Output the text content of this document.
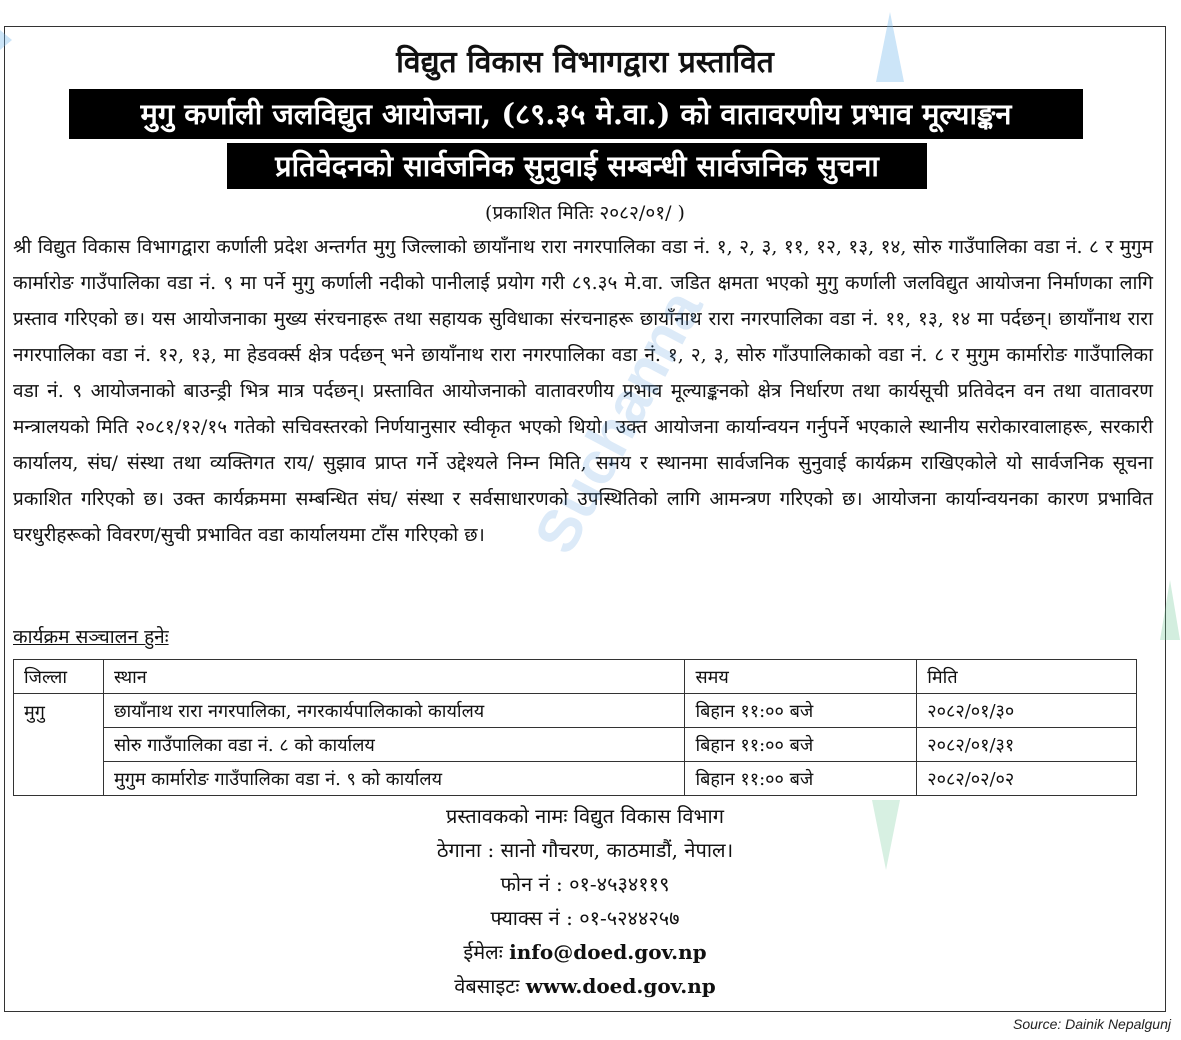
विद्युत विकास विभागद्वारा प्रस्तावित
मुगु कर्णाली जलविद्युत आयोजना, (८९.३५ मे.वा.) को वातावरणीय प्रभाव मूल्याङ्कन
प्रतिवेदनको सार्वजनिक सुनुवाई सम्बन्धी सार्वजनिक सुचना
(प्रकाशित मितिः २०८२/०१/ )

श्री विद्युत विकास विभागद्वारा कर्णाली प्रदेश अन्तर्गत मुगु जिल्लाको छायाँनाथ रारा नगरपालिका वडा नं. १, २, ३, ११, १२, १३, १४, सोरु गाउँपालिका वडा नं. ८ र मुगुम कार्मारोङ गाउँपालिका वडा नं. ९ मा पर्ने मुगु कर्णाली नदीको पानीलाई प्रयोग गरी ८९.३५ मे.वा. जडित क्षमता भएको मुगु कर्णाली जलविद्युत आयोजना निर्माणका लागि प्रस्ताव गरिएको छ। यस आयोजनाका मुख्य संरचनाहरू तथा सहायक सुविधाका संरचनाहरू छायाँनाथ रारा नगरपालिका वडा नं. ११, १३, १४ मा पर्दछन्। छायाँनाथ रारा नगरपालिका वडा नं. १२, १३, मा हेडवर्क्स क्षेत्र पर्दछन् भने छायाँनाथ रारा नगरपालिका वडा नं. १, २, ३, सोरु गाँउपालिकाको वडा नं. ८ र मुगुम कार्मारोङ गाउँपालिका वडा नं. ९ आयोजनाको बाउन्ड्री भित्र मात्र पर्दछन्। प्रस्तावित आयोजनाको वातावरणीय प्रभाव मूल्याङ्कनको क्षेत्र निर्धारण तथा कार्यसूची प्रतिवेदन वन तथा वातावरण मन्त्रालयको मिति २०८१/१२/१५ गतेको सचिवस्तरको निर्णयानुसार स्वीकृत भएको थियो। उक्त आयोजना कार्यान्वयन गर्नुपर्ने भएकाले स्थानीय सरोकारवालाहरू, सरकारी कार्यालय, संघ/ संस्था तथा व्यक्तिगत राय/ सुझाव प्राप्त गर्ने उद्देश्यले निम्न मिति, समय र स्थानमा सार्वजनिक सुनुवाई कार्यक्रम राखिएकोले यो सार्वजनिक सूचना प्रकाशित गरिएको छ। उक्त कार्यक्रममा सम्बन्धित संघ/ संस्था र सर्वसाधारणको उपस्थितिको लागि आमन्त्रण गरिएको छ। आयोजना कार्यान्वयनका कारण प्रभावित घरधुरीहरूको विवरण/सुची प्रभावित वडा कार्यालयमा टाँस गरिएको छ।

कार्यक्रम सञ्चालन हुनेः
जिल्ला	स्थान	समय	मिति
मुगु	छायाँनाथ रारा नगरपालिका, नगरकार्यपालिकाको कार्यालय	बिहान ११:०० बजे	२०८२/०१/३०
	सोरु गाउँपालिका वडा नं. ८ को कार्यालय	बिहान ११:०० बजे	२०८२/०१/३१
	मुगुम कार्मारोङ गाउँपालिका वडा नं. ९ को कार्यालय	बिहान ११:०० बजे	२०८२/०२/०२
प्रस्तावकको नामः विद्युत विकास विभाग
ठेगाना : सानो गौचरण, काठमाडौं, नेपाल।
फोन नं : ०१-४५३४११९
फ्याक्स नं : ०१-५२४४२५७
ईमेलः info@doed.gov.np
वेबसाइटः www.doed.gov.np
Suchanna
Source: Dainik Nepalgunj
